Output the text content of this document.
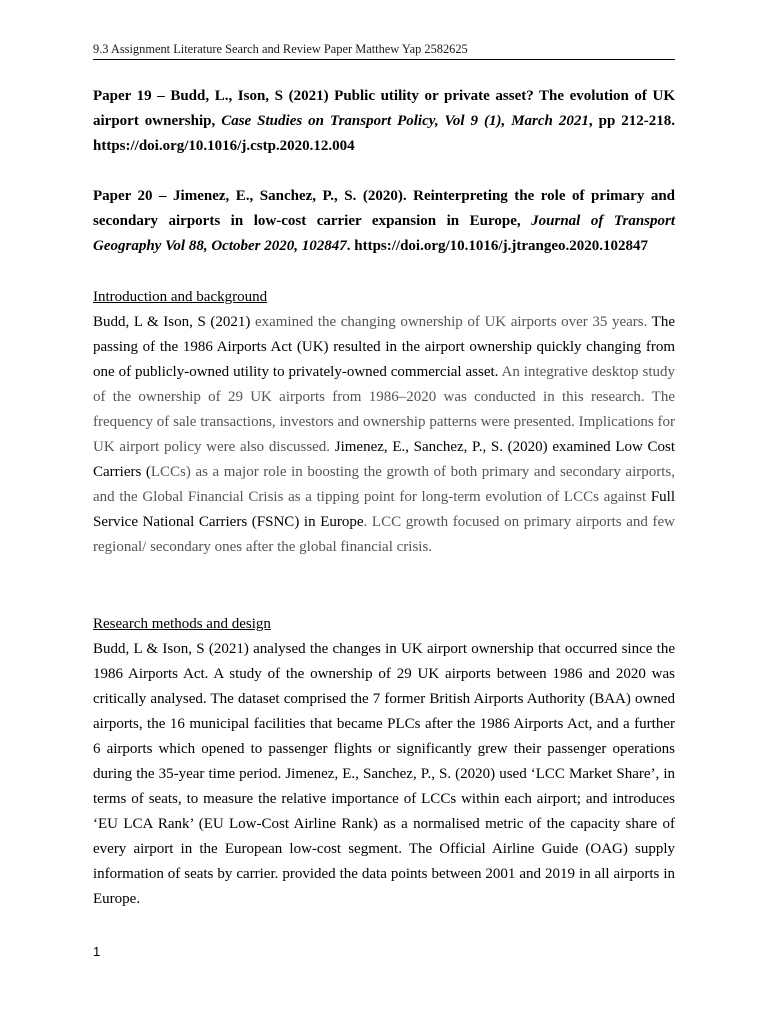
9.3 Assignment Literature Search and Review Paper Matthew Yap 2582625
Paper 19 – Budd, L., Ison, S (2021) Public utility or private asset? The evolution of UK airport ownership, Case Studies on Transport Policy, Vol 9 (1), March 2021, pp 212-218. https://doi.org/10.1016/j.cstp.2020.12.004
Paper 20 – Jimenez, E., Sanchez, P., S. (2020). Reinterpreting the role of primary and secondary airports in low-cost carrier expansion in Europe, Journal of Transport Geography Vol 88, October 2020, 102847. https://doi.org/10.1016/j.jtrangeo.2020.102847
Introduction and background
Budd, L & Ison, S (2021) examined the changing ownership of UK airports over 35 years. The passing of the 1986 Airports Act (UK) resulted in the airport ownership quickly changing from one of publicly-owned utility to privately-owned commercial asset. An integrative desktop study of the ownership of 29 UK airports from 1986–2020 was conducted in this research. The frequency of sale transactions, investors and ownership patterns were presented. Implications for UK airport policy were also discussed. Jimenez, E., Sanchez, P., S. (2020) examined Low Cost Carriers (LCCs) as a major role in boosting the growth of both primary and secondary airports, and the Global Financial Crisis as a tipping point for long-term evolution of LCCs against Full Service National Carriers (FSNC) in Europe. LCC growth focused on primary airports and few regional/ secondary ones after the global financial crisis.
Research methods and design
Budd, L & Ison, S (2021) analysed the changes in UK airport ownership that occurred since the 1986 Airports Act. A study of the ownership of 29 UK airports between 1986 and 2020 was critically analysed. The dataset comprised the 7 former British Airports Authority (BAA) owned airports, the 16 municipal facilities that became PLCs after the 1986 Airports Act, and a further 6 airports which opened to passenger flights or significantly grew their passenger operations during the 35-year time period. Jimenez, E., Sanchez, P., S. (2020) used ‘LCC Market Share’, in terms of seats, to measure the relative importance of LCCs within each airport; and introduces ‘EU LCA Rank’ (EU Low-Cost Airline Rank) as a normalised metric of the capacity share of every airport in the European low-cost segment. The Official Airline Guide (OAG) supply information of seats by carrier. provided the data points between 2001 and 2019 in all airports in Europe.
1
